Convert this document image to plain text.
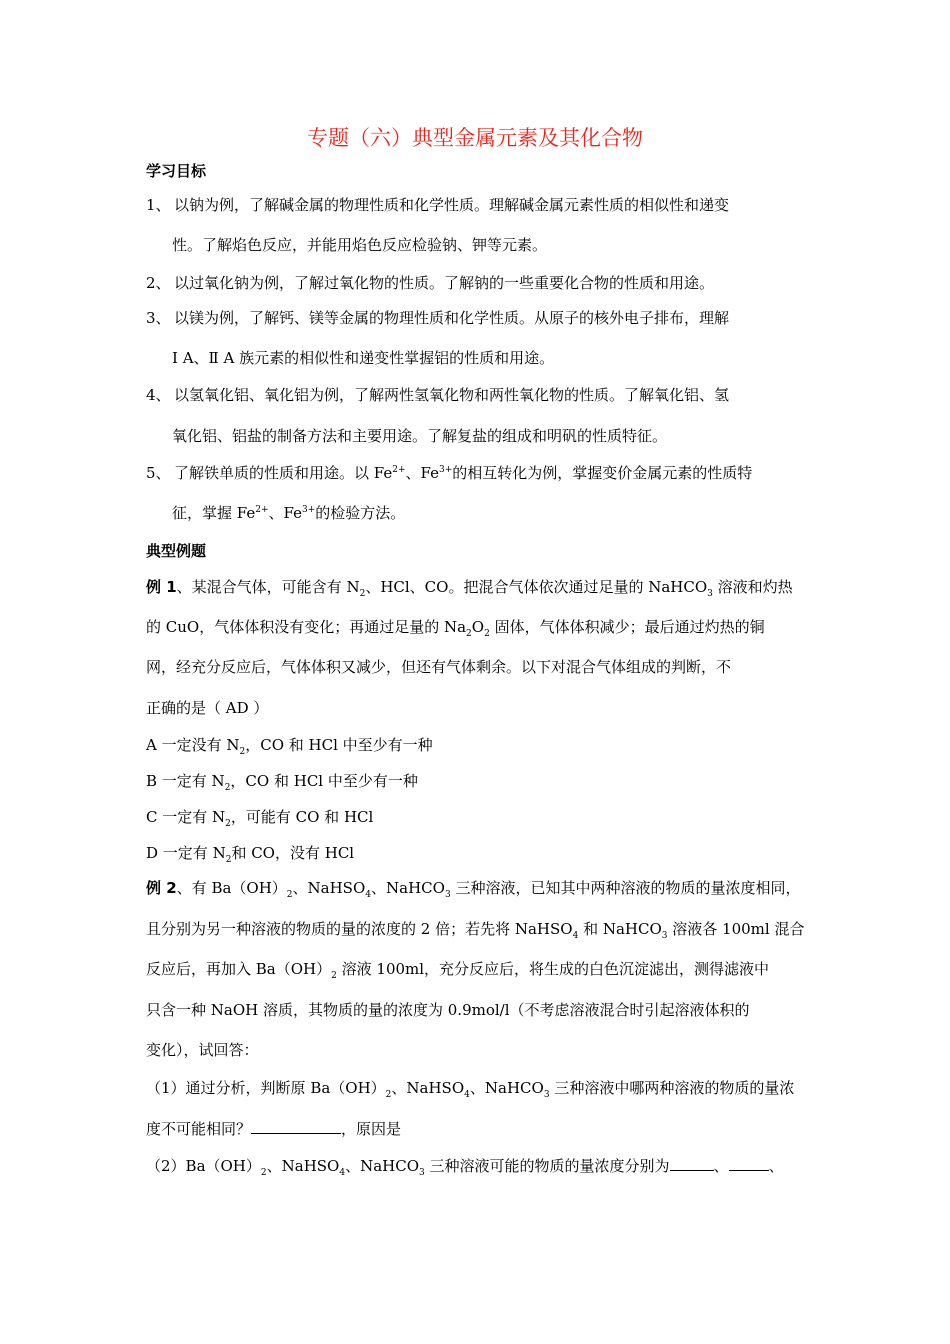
专题（六）典型金属元素及其化合物
学习目标
1、 以钠为例，了解碱金属的物理性质和化学性质。理解碱金属元素性质的相似性和递变
性。了解焰色反应，并能用焰色反应检验钠、钾等元素。
2、 以过氧化钠为例，了解过氧化物的性质。了解钠的一些重要化合物的性质和用途。
3、 以镁为例，了解钙、镁等金属的物理性质和化学性质。从原子的核外电子排布，理解
Ⅰ A、Ⅱ A 族元素的相似性和递变性掌握铝的性质和用途。
4、 以氢氧化铝、氧化铝为例，了解两性氢氧化物和两性氧化物的性质。了解氧化铝、氢
氧化铝、铝盐的制备方法和主要用途。了解复盐的组成和明矾的性质特征。
5、 了解铁单质的性质和用途。以 $Fe^{2+}$、$Fe^{3+}$的相互转化为例，掌握变价金属元素的性质特
征，掌握 $Fe^{2+}$、$Fe^{3+}$的检验方法。
典型例题
例 1、某混合气体，可能含有 $N_2$、HCl、CO。把混合气体依次通过足量的 NaHCO$_3$ 溶液和灼热
的 CuO，气体体积没有变化；再通过足量的 $Na_2O_2$ 固体，气体体积减少；最后通过灼热的铜
网，经充分反应后，气体体积又减少，但还有气体剩余。以下对混合气体组成的判断，不
正确的是（ AD ）
A 一定没有 $N_2$，CO 和 HCl 中至少有一种
B 一定有 $N_2$，CO 和 HCl 中至少有一种
C 一定有 $N_2$，可能有 CO 和 HCl
D 一定有 $N_2$和 CO，没有 HCl
例 2、有 $Ba(OH)_2$、NaHSO$_4$、NaHCO$_3$ 三种溶液，已知其中两种溶液的物质的量浓度相同，
且分别为另一种溶液的物质的量的浓度的 2 倍；若先将 NaHSO$_4$ 和 NaHCO$_3$ 溶液各 100ml 混合
反应后，再加入 $Ba(OH)_2$ 溶液 100ml，充分反应后，将生成的白色沉淀滤出，测得滤液中
只含一种 NaOH 溶质，其物质的量的浓度为 0.9mol/l（不考虑溶液混合时引起溶液体积的
变化），试回答：
（1）通过分析，判断原 $Ba(OH)_2$、NaHSO$_4$、NaHCO$_3$ 三种溶液中哪两种溶液的物质的量浓
度不可能相同？	，原因是
$(2)Ba(OH)_2$、NaHSO$_4$、NaHCO$_3$ 三种溶液可能的物质的量浓度分别为	、	、
